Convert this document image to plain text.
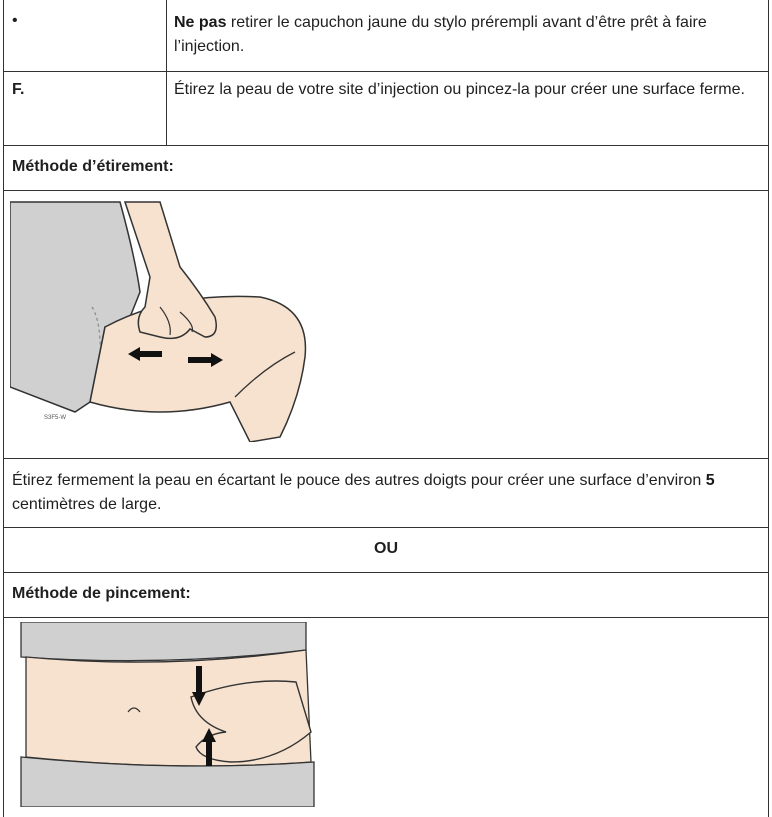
•	Ne pas retirer le capuchon jaune du stylo prérempli avant d’être prêt à faire l’injection.
F.	Étirez la peau de votre site d’injection ou pincez-la pour créer une surface ferme.
Méthode d’étirement:
S3F5-W
Étirez fermement la peau en écartant le pouce des autres doigts pour créer une surface d’environ 5 centimètres de large.
OU
Méthode de pincement:
